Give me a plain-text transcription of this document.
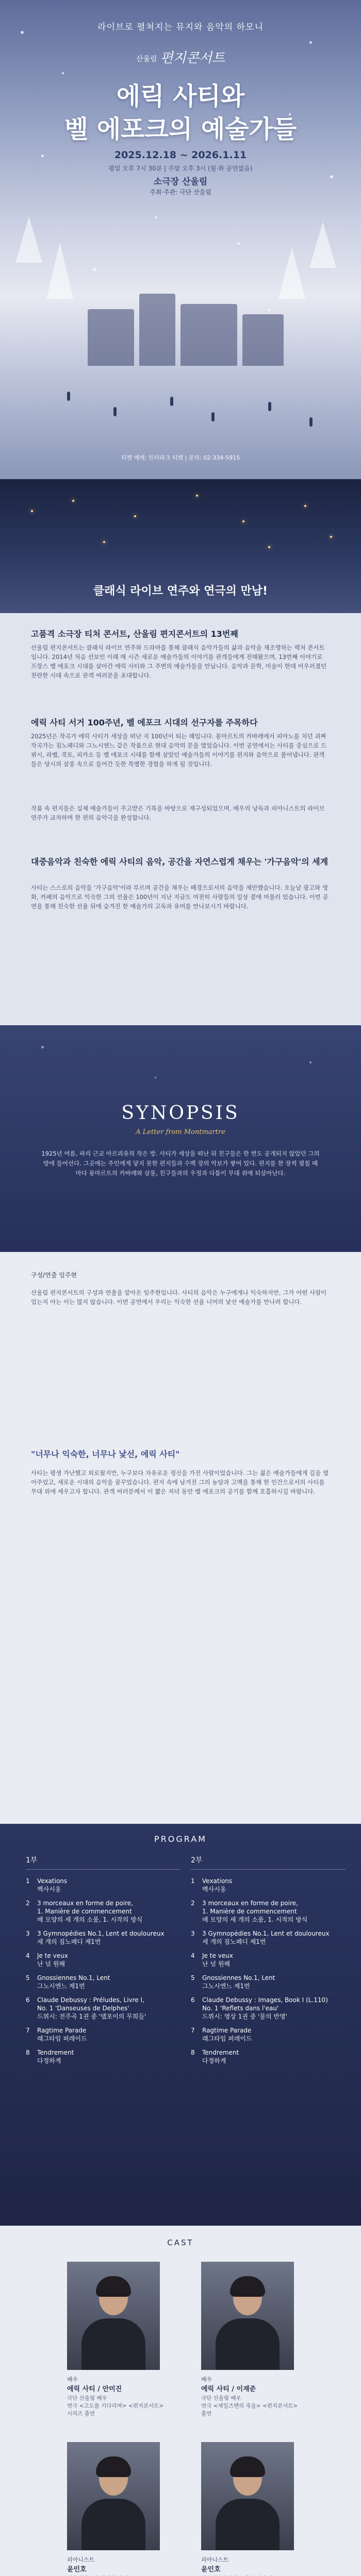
라이브로 펼쳐지는 뮤지와 음악의 하모니
산울림 편지콘서트
에릭 사티와
벨 에포크의 예술가들
2025.12.18 ~ 2026.1.11
평일 오후 7시 30분 | 주말 오후 3시 (월·화 공연없음)
소극장 산울림
주최·주관: 극단 산울림
티켓 예매: 인터파크 티켓 | 문의: 02-334-5915
클래식 라이브 연주와 연극의 만남!
고품격 소극장 티처 콘서트, 산울림 편지콘서트의 13번째
산울림 편지콘서트는 클래식 라이브 연주와 드라마를 통해 클래식 음악가들의 삶과 음악을 재조명하는 렉처 콘서트입니다. 2014년 처음 선보인 이래 매 시즌 새로운 예술가들의 이야기를 관객들에게 전해왔으며, 13번째 이야기로 프랑스 벨 에포크 시대를 살아간 에릭 사티와 그 주변의 예술가들을 만납니다. 음악과 문학, 미술이 한데 어우러졌던 찬란한 시대 속으로 관객 여러분을 초대합니다.
에릭 사티 서거 100주년, 벨 에포크 시대의 선구자를 주목하다
2025년은 작곡가 에릭 사티가 세상을 떠난 지 100년이 되는 해입니다. 몽마르트의 카바레에서 피아노를 치던 괴짜 작곡가는 짐노페디와 그노시엔느 같은 작품으로 현대 음악의 문을 열었습니다. 이번 공연에서는 사티를 중심으로 드뷔시, 라벨, 콕토, 피카소 등 벨 에포크 시대를 함께 살았던 예술가들의 이야기를 편지와 음악으로 풀어냅니다. 관객들은 당시의 살롱 속으로 들어간 듯한 특별한 경험을 하게 될 것입니다.
작품 속 편지들은 실제 예술가들이 주고받은 기록을 바탕으로 재구성되었으며, 배우의 낭독과 피아니스트의 라이브 연주가 교차하며 한 편의 음악극을 완성합니다.
대중음악과 친숙한 에릭 사티의 음악, 공간을 자연스럽게 채우는 '가구음악'의 세계
사티는 스스로의 음악을 '가구음악'이라 부르며 공간을 채우는 배경으로서의 음악을 제안했습니다. 오늘날 광고와 영화, 카페의 음악으로 익숙한 그의 선율은 100년이 지난 지금도 여전히 사람들의 일상 곁에 머물러 있습니다. 이번 공연을 통해 친숙한 선율 뒤에 숨겨진 한 예술가의 고독과 유머를 만나보시기 바랍니다.
SYNOPSIS
A Letter from Montmartre
1925년 여름, 파리 근교 아르쾨유의 작은 방. 사티가 세상을 떠난 뒤 친구들은 한 번도 공개되지 않았던 그의 방에 들어선다. 그곳에는 주인에게 닿지 못한 편지들과 수백 장의 악보가 쌓여 있다. 편지를 한 장씩 펼칠 때마다 몽마르트의 카바레와 살롱, 친구들과의 우정과 다툼이 무대 위에 되살아난다.
구성/연출 임주현
산울림 편지콘서트의 구성과 연출을 맡아온 임주현입니다. 사티의 음악은 누구에게나 익숙하지만, 그가 어떤 사람이었는지 아는 이는 많지 않습니다. 이번 공연에서 우리는 익숙한 선율 너머의 낯선 예술가를 만나려 합니다.
"너무나 익숙한, 너무나 낯선, 에릭 사티"
사티는 평생 가난했고 외로웠지만, 누구보다 자유로운 정신을 가진 사람이었습니다. 그는 젊은 예술가들에게 길을 열어주었고, 새로운 시대의 음악을 꿈꾸었습니다. 편지 속에 남겨진 그의 농담과 고백을 통해 한 인간으로서의 사티를 무대 위에 세우고자 합니다. 관객 여러분께서 이 짧은 저녁 동안 벨 에포크의 공기를 함께 호흡하시길 바랍니다.
PROGRAM
1부
1	Vexations
벡사시옹
2	3 morceaux en forme de poire,
1. Manière de commencement
배 모양의 세 개의 소품, 1. 시작의 방식
3	3 Gymnopédies No.1, Lent et douloureux
세 개의 짐노페디 제1번
4	Je te veux
난 널 원해
5	Gnossiennes No.1, Lent
그노시엔느 제1번
6	Claude Debussy : Préludes, Livre I,
No. 1 'Danseuses de Delphes'
드뷔시: 전주곡 1권 중 '델포이의 무희들'
7	Ragtime Parade
래그타임 퍼레이드
8	Tendrement
다정하게
2부
1	Vexations
벡사시옹
2	3 morceaux en forme de poire,
1. Manière de commencement
배 모양의 세 개의 소품, 1. 시작의 방식
3	3 Gymnopédies No.1, Lent et douloureux
세 개의 짐노페디 제1번
4	Je te veux
난 널 원해
5	Gnossiennes No.1, Lent
그노시엔느 제1번
6	Claude Debussy : Images, Book I (L.110)
No. 1 'Reflets dans l'eau'
드뷔시: 영상 1권 중 '물의 반영'
7	Ragtime Parade
래그타임 퍼레이드
8	Tendrement
다정하게
CAST
배우
에릭 사티 / 안미진
극단 산울림 배우
연극 <고도를 기다리며> <편지콘서트> 시리즈 출연
배우
에릭 사티 / 이재준
극단 산울림 배우
연극 <세일즈맨의 죽음> <편지콘서트> 출연
피아니스트
윤인호
피아니스트
윤인호
